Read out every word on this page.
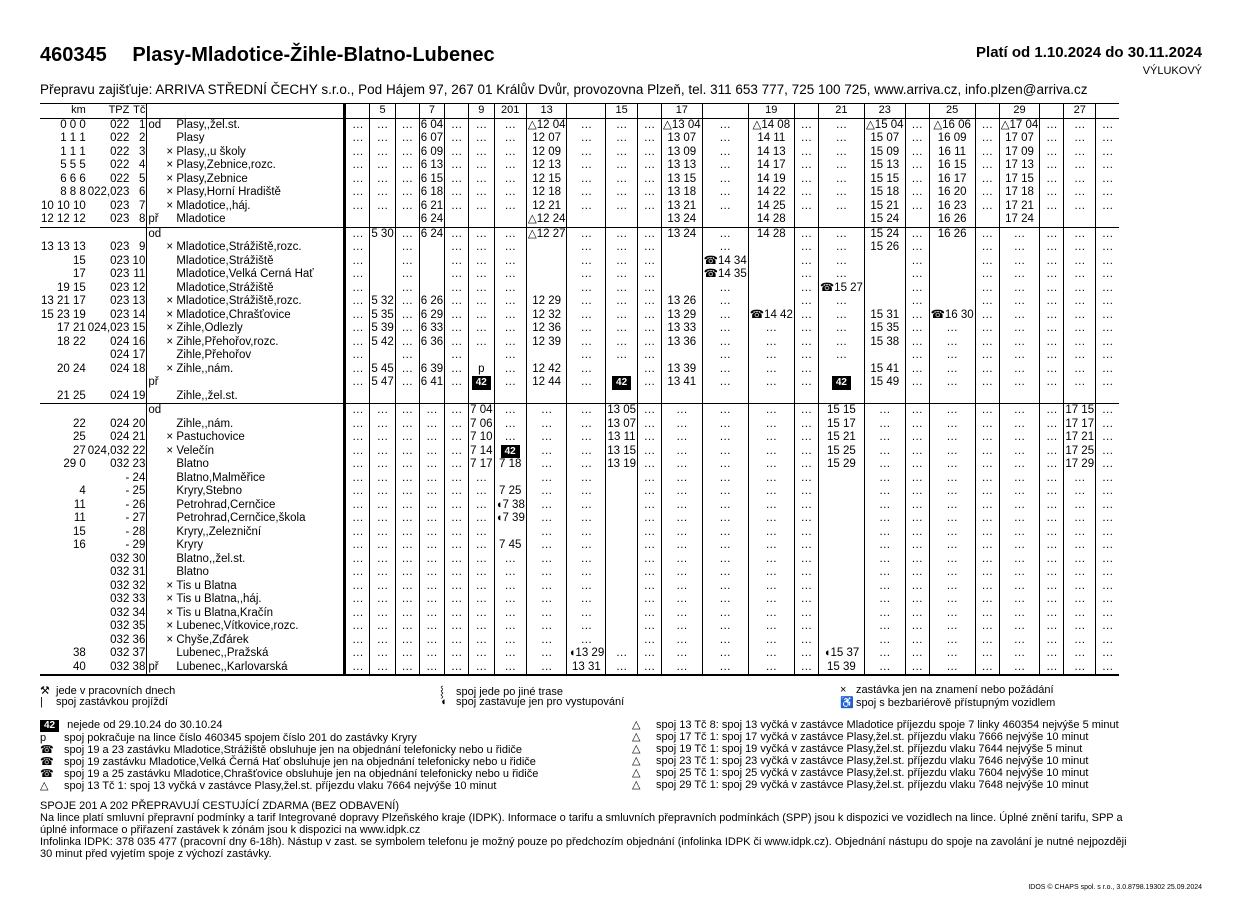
460345 Plasy-Mladotice-Žihle-Blatno-Lubenec	Platí od 1.10.2024 do 30.11.2024
VÝLUKOVÝ
Přepravu zajišťuje: ARRIVA STŘEDNÍ ČECHY s.r.o., Pod Hájem 97, 267 01 Králův Dvůr, provozovna Plzeň, tel. 311 653 777, 725 100 725, www.arriva.cz, info.plzen@arriva.cz
km	TPZ	Tč				5		7		9	201	13		15		17		19		21	23		25		29		27	
0 0 0	022	1	od	Plasy,,žel.st.	…	…	…	6 04	…	…	…	△12 04	…	…	…	△13 04	…	△14 08	…	…	△15 04	…	△16 06	…	△17 04	…	…	…
1 1 1	022	2		Plasy	…	…	…	6 07	…	…	…	12 07	…	…	…	13 07	…	14 11	…	…	15 07	…	16 09	…	17 07	…	…	…
1 1 1	022	3		× Plasy,,u školy	…	…	…	6 09	…	…	…	12 09	…	…	…	13 09	…	14 13	…	…	15 09	…	16 11	…	17 09	…	…	…
5 5 5	022	4		× Plasy,Žebnice,rozc.	…	…	…	6 13	…	…	…	12 13	…	…	…	13 13	…	14 17	…	…	15 13	…	16 15	…	17 13	…	…	…
6 6 6	022	5		× Plasy,Žebnice	…	…	…	6 15	…	…	…	12 15	…	…	…	13 15	…	14 19	…	…	15 15	…	16 17	…	17 15	…	…	…
8 8 8	022,023	6		× Plasy,Horní Hradiště	…	…	…	6 18	…	…	…	12 18	…	…	…	13 18	…	14 22	…	…	15 18	…	16 20	…	17 18	…	…	…
10 10 10	023	7		× Mladotice,,háj.	…	…	…	6 21	…	…	…	12 21	…	…	…	13 21	…	14 25	…	…	15 21	…	16 23	…	17 21	…	…	…
12 12 12	023	8	př	Mladotice				6 24				△12 24				13 24		14 28			15 24		16 26		17 24			
			od		…	5 30	…	6 24	…	…	…	△12 27	…	…	…	13 24	…	14 28	…	…	15 24	…	16 26	…	…	…	…	…
13 13 13	023	9		× Mladotice,Strážiště,rozc.	…		…		…	…	…		…	…	…		…		…	…	15 26	…		…	…	…	…	…
15	023	10		Mladotice,Strážiště	…		…		…	…	…		…	…	…		☎14 34		…	…		…		…	…	…	…	…
17	023	11		Mladotice,Velká Černá Hať	…		…		…	…	…		…	…	…		☎14 35		…	…		…		…	…	…	…	…
19 15	023	12		Mladotice,Strážiště	…		…		…	…	…		…	…	…		…		…	☎15 27		…		…	…	…	…	…
13 21 17	023	13		× Mladotice,Strážiště,rozc.	…	5 32	…	6 26	…	…	…	12 29	…	…	…	13 26	…		…	…		…		…	…	…	…	…
15 23 19	023	14		× Mladotice,Chrašťovice	…	5 35	…	6 29	…	…	…	12 32	…	…	…	13 29	…	☎14 42	…	…	15 31	…	☎16 30	…	…	…	…	…
17 21	024,023	15		× Žihle,Odlezly	…	5 39	…	6 33	…	…	…	12 36	…	…	…	13 33	…	…	…	…	15 35	…	…	…	…	…	…	…
18 22	024	16		× Žihle,Přehořov,rozc.	…	5 42	…	6 36	…	…	…	12 39	…	…	…	13 36	…	…	…	…	15 38	…	…	…	…	…	…	…
	024	17		Žihle,Přehořov	…		…		…		…		…	…	…		…	…	…	…		…	…	…	…	…	…	…
20 24	024	18		× Žihle,,nám.	…	5 45	…	6 39	…	p	…	12 42	…		…	13 39	…	…	…		15 41	…	…	…	…	…	…	…
			př		…	5 47	…	6 41	…	42	…	12 44	…	42	…	13 41	…	…	…	42	15 49	…	…	…	…	…	…	…
21 25	024	19		Žihle,,žel.st.																								
			od		…	…	…	…	…	7 04	…	…	…	13 05	…	…	…	…	…	15 15	…	…	…	…	…	…	17 15	…
22	024	20		Žihle,,nám.	…	…	…	…	…	7 06	…	…	…	13 07	…	…	…	…	…	15 17	…	…	…	…	…	…	17 17	…
25	024	21		× Pastuchovice	…	…	…	…	…	7 10	…	…	…	13 11	…	…	…	…	…	15 21	…	…	…	…	…	…	17 21	…
27	024,032	22		× Velečín	…	…	…	…	…	7 14	42	…	…	13 15	…	…	…	…	…	15 25	…	…	…	…	…	…	17 25	…
29 0	032	23		Blatno	…	…	…	…	…	7 17	7 18	…	…	13 19	…	…	…	…	…	15 29	…	…	…	…	…	…	17 29	…
	-	24		Blatno,Malměřice	…	…	…	…	…	…		…	…		…	…	…	…	…		…	…	…	…	…	…	…	…
4	-	25		Kryry,Stebno	…	…	…	…	…	…	7 25	…	…		…	…	…	…	…		…	…	…	…	…	…	…	…
11	-	26		Petrohrad,Černčice	…	…	…	…	…	…	◖7 38	…	…		…	…	…	…	…		…	…	…	…	…	…	…	…
11	-	27		Petrohrad,Černčice,škola	…	…	…	…	…	…	◖7 39	…	…		…	…	…	…	…		…	…	…	…	…	…	…	…
15	-	28		Kryry,,Železniční	…	…	…	…	…	…		…	…		…	…	…	…	…		…	…	…	…	…	…	…	…
16	-	29		Kryry	…	…	…	…	…	…	7 45	…	…		…	…	…	…	…		…	…	…	…	…	…	…	…
	032	30		Blatno,,žel.st.	…	…	…	…	…	…	…	…	…		…	…	…	…	…		…	…	…	…	…	…	…	…
	032	31		Blatno	…	…	…	…	…	…	…	…	…		…	…	…	…	…		…	…	…	…	…	…	…	…
	032	32		× Tis u Blatna	…	…	…	…	…	…	…	…	…		…	…	…	…	…		…	…	…	…	…	…	…	…
	032	33		× Tis u Blatna,,háj.	…	…	…	…	…	…	…	…	…		…	…	…	…	…		…	…	…	…	…	…	…	…
	032	34		× Tis u Blatna,Kračín	…	…	…	…	…	…	…	…	…		…	…	…	…	…		…	…	…	…	…	…	…	…
	032	35		× Lubenec,Vítkovice,rozc.	…	…	…	…	…	…	…	…	…		…	…	…	…	…		…	…	…	…	…	…	…	…
	032	36		× Chyše,Žďárek	…	…	…	…	…	…	…	…	…		…	…	…	…	…		…	…	…	…	…	…	…	…
38	032	37		Lubenec,,Pražská	…	…	…	…	…	…	…	…	◖13 29	…	…	…	…	…	…	◖15 37	…	…	…	…	…	…	…	…
40	032	38	př	Lubenec,,Karlovarská	…	…	…	…	…	…	…	…	13 31	…	…	…	…	…	…	15 39	…	…	…	…	…	…	…	…
⚒ jede v pracovních dnech
| spoj zastávkou projíždí
⸾ spoj jede po jiné trase
◖ spoj zastavuje jen pro vystupování
× zastávka jen na znamení nebo požádání
♿ spoj s bezbariérově přístupným vozidlem
42 nejede od 29.10.24 do 30.10.24
p spoj pokračuje na lince číslo 460345 spojem číslo 201 do zastávky Kryry
☎ spoj 19 a 23 zastávku Mladotice,Strážiště obsluhuje jen na objednání telefonicky nebo u řidiče
☎ spoj 19 zastávku Mladotice,Velká Černá Hať obsluhuje jen na objednání telefonicky nebo u řidiče
☎ spoj 19 a 25 zastávku Mladotice,Chrašťovice obsluhuje jen na objednání telefonicky nebo u řidiče
△ spoj 13 Tč 1: spoj 13 vyčká v zastávce Plasy,žel.st. příjezdu vlaku 7664 nejvýše 10 minut
△ spoj 13 Tč 8: spoj 13 vyčká v zastávce Mladotice příjezdu spoje 7 linky 460354 nejvýše 5 minut
△ spoj 17 Tč 1: spoj 17 vyčká v zastávce Plasy,žel.st. příjezdu vlaku 7666 nejvýše 10 minut
△ spoj 19 Tč 1: spoj 19 vyčká v zastávce Plasy,žel.st. příjezdu vlaku 7644 nejvýše 5 minut
△ spoj 23 Tč 1: spoj 23 vyčká v zastávce Plasy,žel.st. příjezdu vlaku 7646 nejvýše 10 minut
△ spoj 25 Tč 1: spoj 25 vyčká v zastávce Plasy,žel.st. příjezdu vlaku 7604 nejvýše 10 minut
△ spoj 29 Tč 1: spoj 29 vyčká v zastávce Plasy,žel.st. příjezdu vlaku 7648 nejvýše 10 minut
SPOJE 201 A 202 PŘEPRAVUJÍ CESTUJÍCÍ ZDARMA (BEZ ODBAVENÍ)
Na lince platí smluvní přepravní podmínky a tarif Integrované dopravy Plzeňského kraje (IDPK). Informace o tarifu a smluvních přepravních podmínkách (SPP) jsou k dispozici ve vozidlech na lince. Úplné znění tarifu, SPP a
úplné informace o přiřazení zastávek k zónám jsou k dispozici na www.idpk.cz
Infolinka IDPK: 378 035 477 (pracovní dny 6-18h). Nástup v zast. se symbolem telefonu je možný pouze po předchozím objednání (infolinka IDPK či www.idpk.cz). Objednání nástupu do spoje na zavolání je nutné nejpozději
30 minut před vyjetím spoje z výchozí zastávky.
IDOS © CHAPS spol. s r.o., 3.0.8798.19302 25.09.2024
